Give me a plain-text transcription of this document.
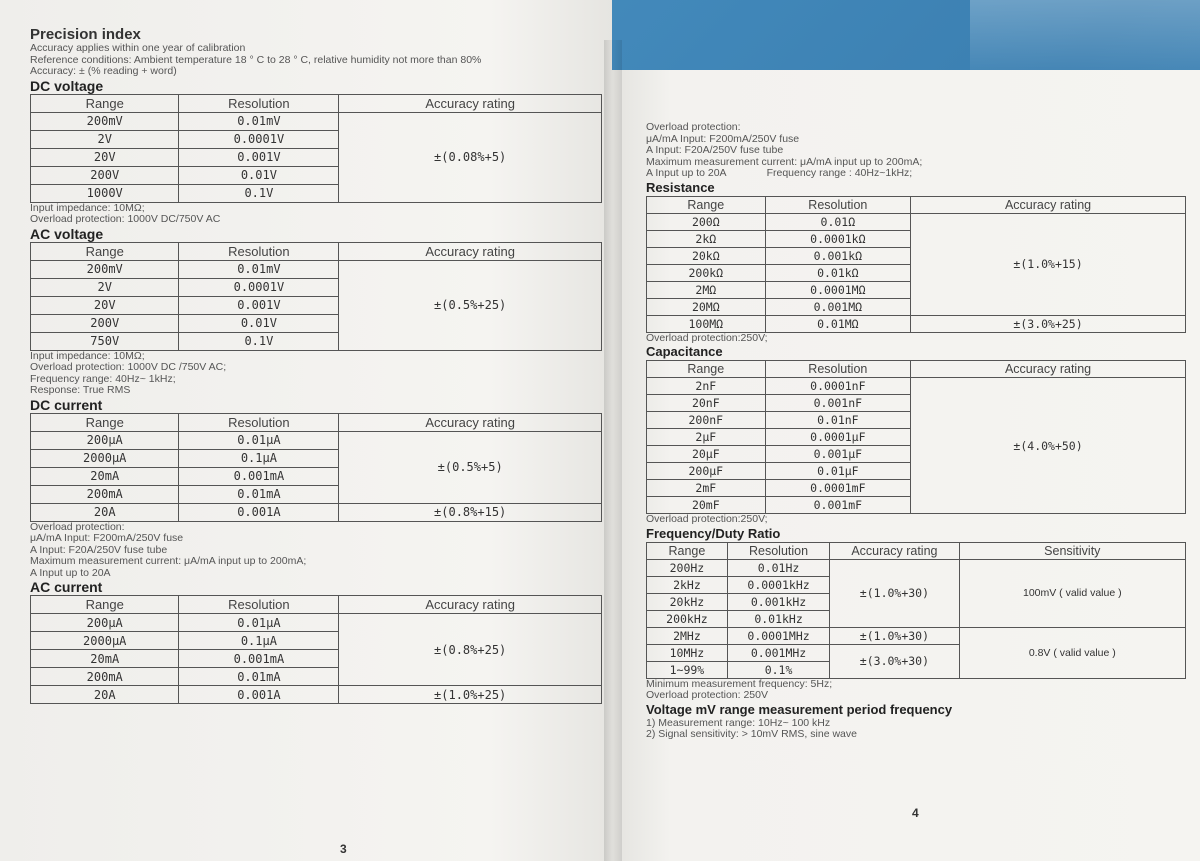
Precision index

Accuracy applies within one year of calibration

Reference conditions: Ambient temperature 18 ° C to 28 ° C, relative humidity not more than 80%

Accuracy: ± (% reading + word)

DC voltage

Range	Resolution	Accuracy rating
200mV	0.01mV	±(0.08%+5)
2V	0.0001V	
20V	0.001V	
200V	0.01V	
1000V	0.1V	

Input impedance: 10MΩ;

Overload protection: 1000V DC/750V AC

AC voltage

Range	Resolution	Accuracy rating
200mV	0.01mV	±(0.5%+25)
2V	0.0001V	
20V	0.001V	
200V	0.01V	
750V	0.1V	

Input impedance: 10MΩ;

Overload protection: 1000V DC /750V AC;

Frequency range: 40Hz~ 1kHz;

Response: True RMS

DC current

Range	Resolution	Accuracy rating
200μA	0.01μA	±(0.5%+5)
2000μA	0.1μA	
20mA	0.001mA	
200mA	0.01mA	
20A	0.001A	±(0.8%+15)

Overload protection:

μA/mA Input: F200mA/250V fuse

A Input: F20A/250V fuse tube

Maximum measurement current: μA/mA input up to 200mA;

A Input up to 20A

AC current

Range	Resolution	Accuracy rating
200μA	0.01μA	±(0.8%+25)
2000μA	0.1μA	
20mA	0.001mA	
200mA	0.01mA	
20A	0.001A	±(1.0%+25)
3

Overload protection:

μA/mA Input: F200mA/250V fuse

A Input: F20A/250V fuse tube

Maximum measurement current: μA/mA input up to 200mA;

A Input up to 20A	Frequency range : 40Hz~1kHz;

Resistance

Range	Resolution	Accuracy rating
200Ω	0.01Ω	±(1.0%+15)
2kΩ	0.0001kΩ	
20kΩ	0.001kΩ	
200kΩ	0.01kΩ	
2MΩ	0.0001MΩ	
20MΩ	0.001MΩ	
100MΩ	0.01MΩ	±(3.0%+25)

Overload protection:250V;

Capacitance

Range	Resolution	Accuracy rating
2nF	0.0001nF	±(4.0%+50)
20nF	0.001nF	
200nF	0.01nF	
2μF	0.0001μF	
20μF	0.001μF	
200μF	0.01μF	
2mF	0.0001mF	
20mF	0.001mF	

Overload protection:250V;

Frequency/Duty Ratio

Range	Resolution	Accuracy rating	Sensitivity
200Hz	0.01Hz	±(1.0%+30)	100mV ( valid value )
2kHz	0.0001kHz		
20kHz	0.001kHz		
200kHz	0.01kHz		
2MHz	0.0001MHz	±(1.0%+30)	0.8V ( valid value )
10MHz	0.001MHz	±(3.0%+30)	
1~99%	0.1%		

Minimum measurement frequency: 5Hz;

Overload protection: 250V

Voltage mV range measurement period frequency

1) Measurement range: 10Hz~ 100 kHz

2) Signal sensitivity: > 10mV RMS, sine wave

4
